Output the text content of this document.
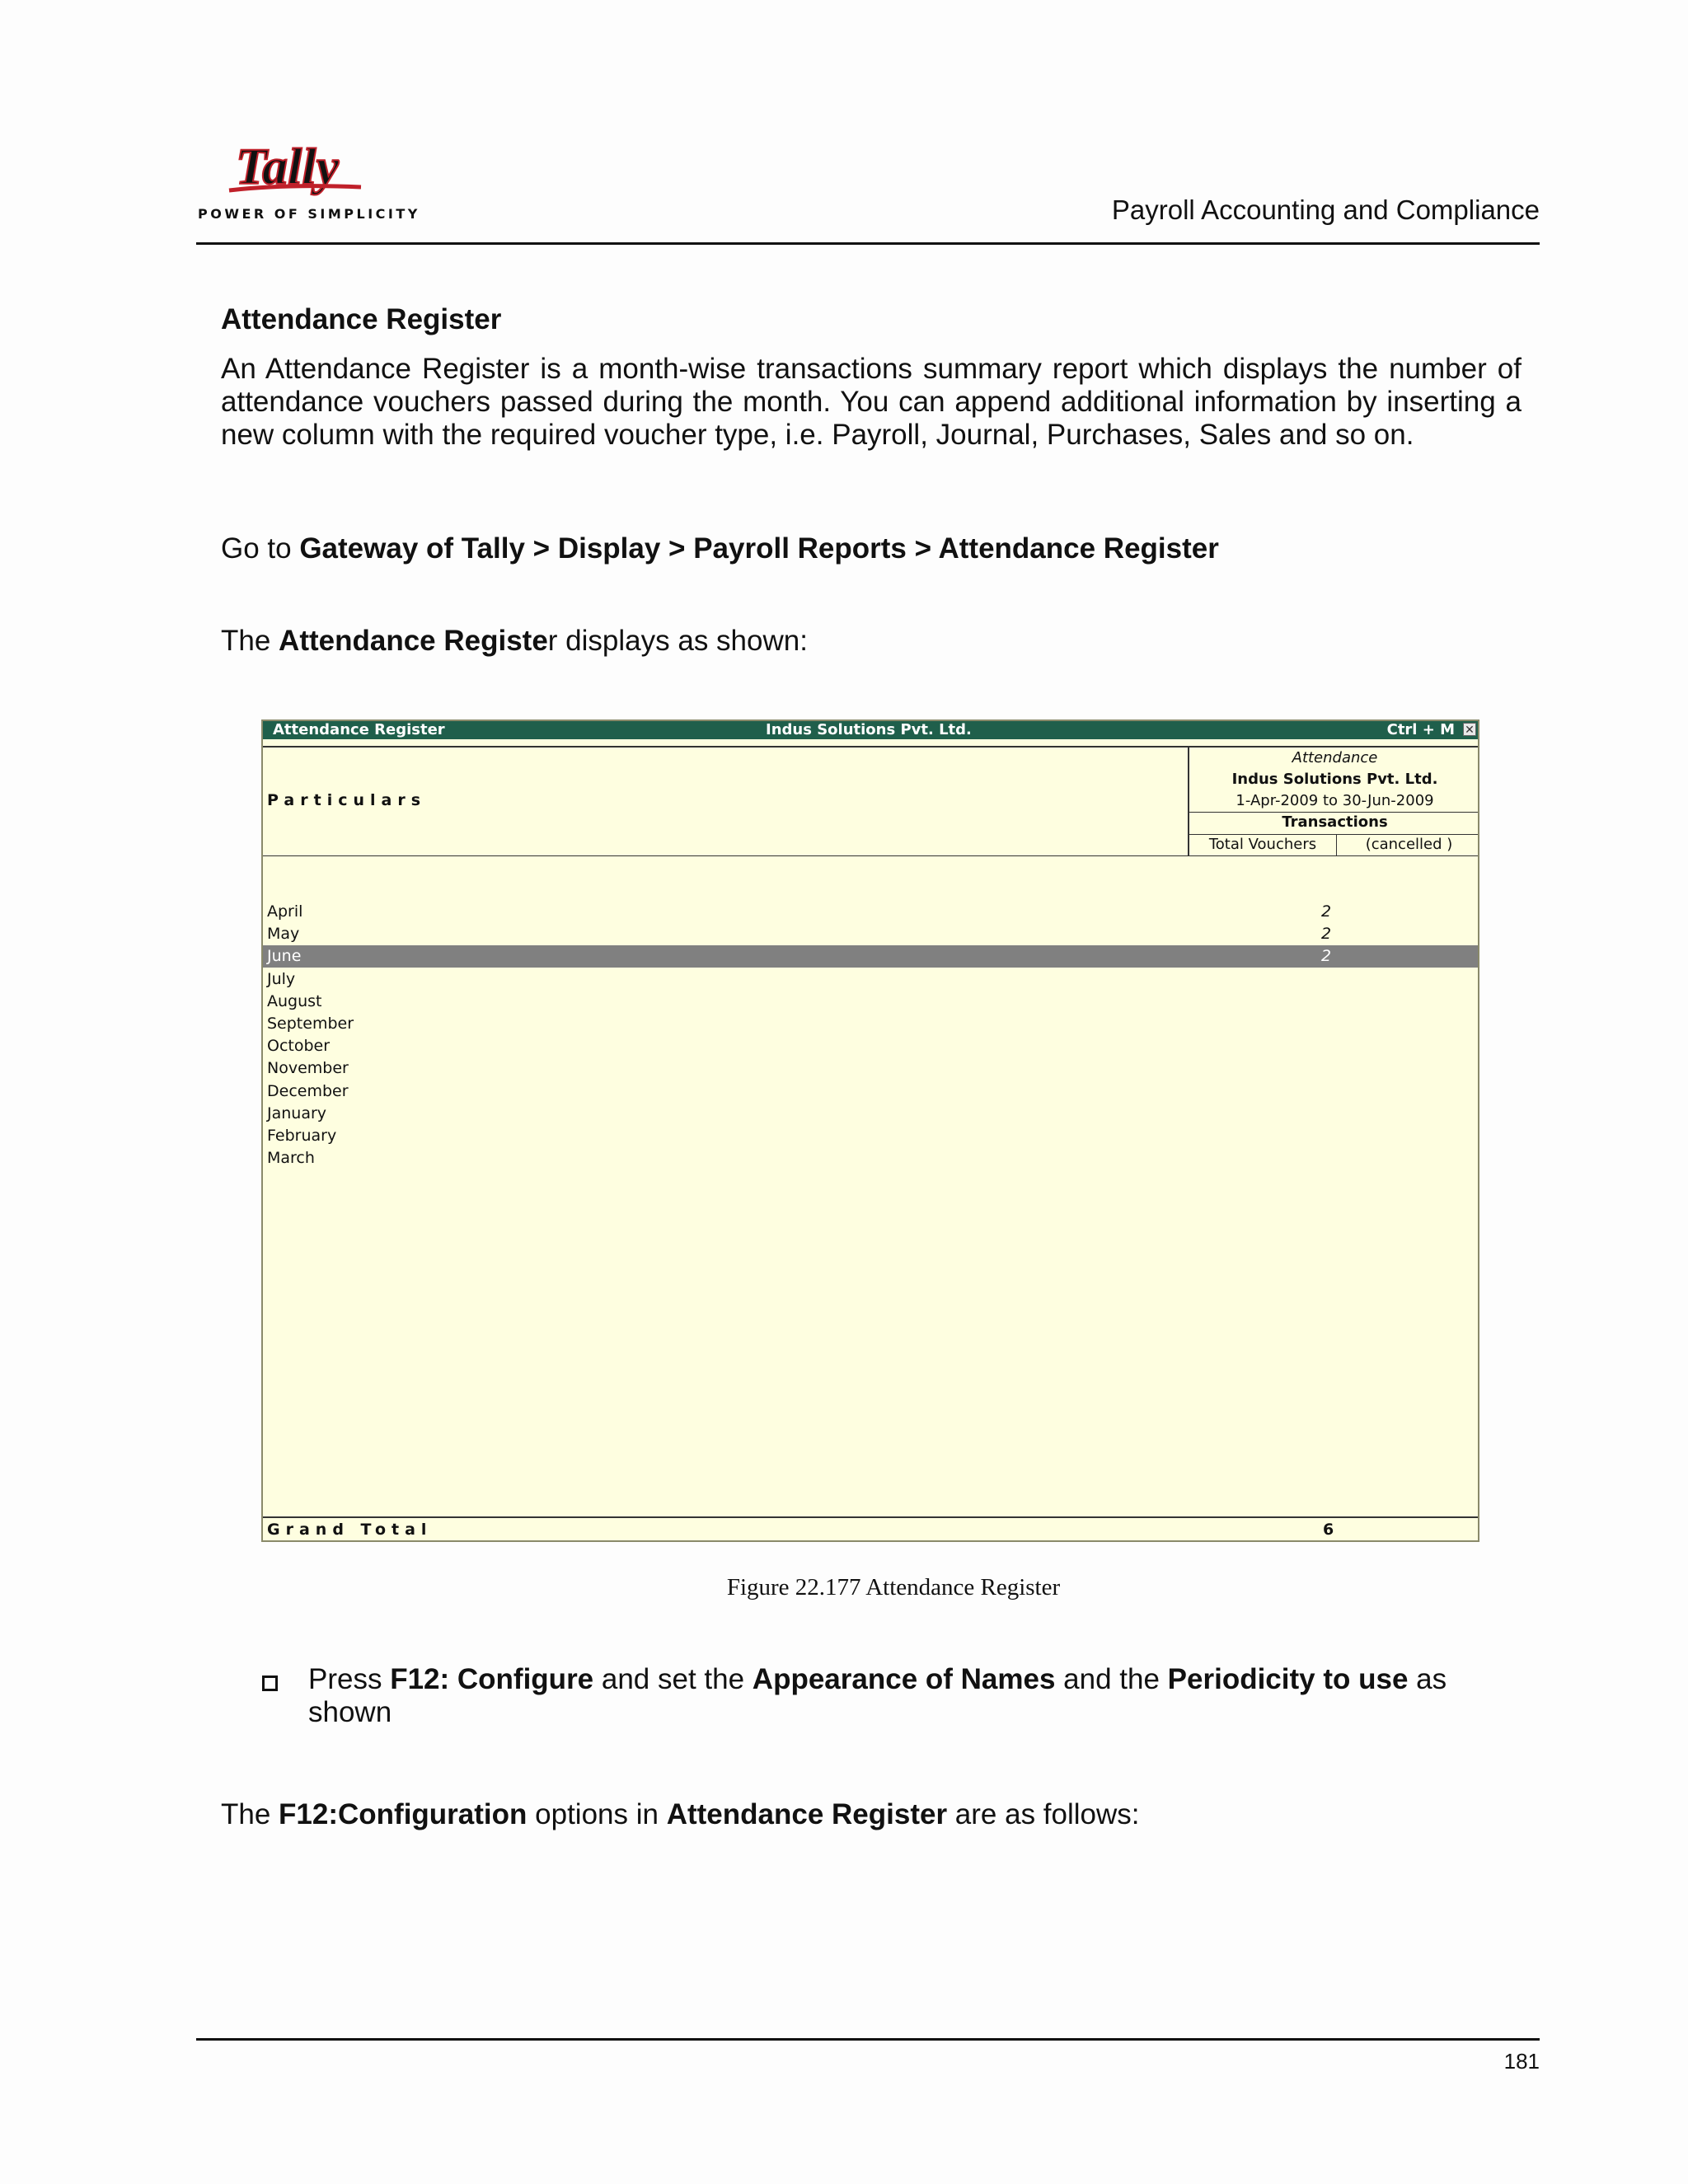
Tally
POWER OF SIMPLICITY	Payroll Accounting and Compliance
Attendance Register
An Attendance Register is a month-wise transactions summary report which displays the number of attendance vouchers passed during the month. You can append additional information by inserting a new column with the required voucher type, i.e. Payroll, Journal, Purchases, Sales and so on.
Go to Gateway of Tally > Display > Payroll Reports > Attendance Register
The Attendance Register displays as shown:
Attendance Register	Indus Solutions Pvt. Ltd.	Ctrl + M ✕
Particulars
Attendance
Indus Solutions Pvt. Ltd.
1-Apr-2009 to 30-Jun-2009
Transactions
Total Vouchers	(cancelled )
April	2
May	2
June	2
July
August
September
October
November
December
January
February
March
Grand Total	6
Figure 22.177 Attendance Register
Press F12: Configure and set the Appearance of Names and the Periodicity to use as shown
The F12:Configuration options in Attendance Register are as follows:
181
